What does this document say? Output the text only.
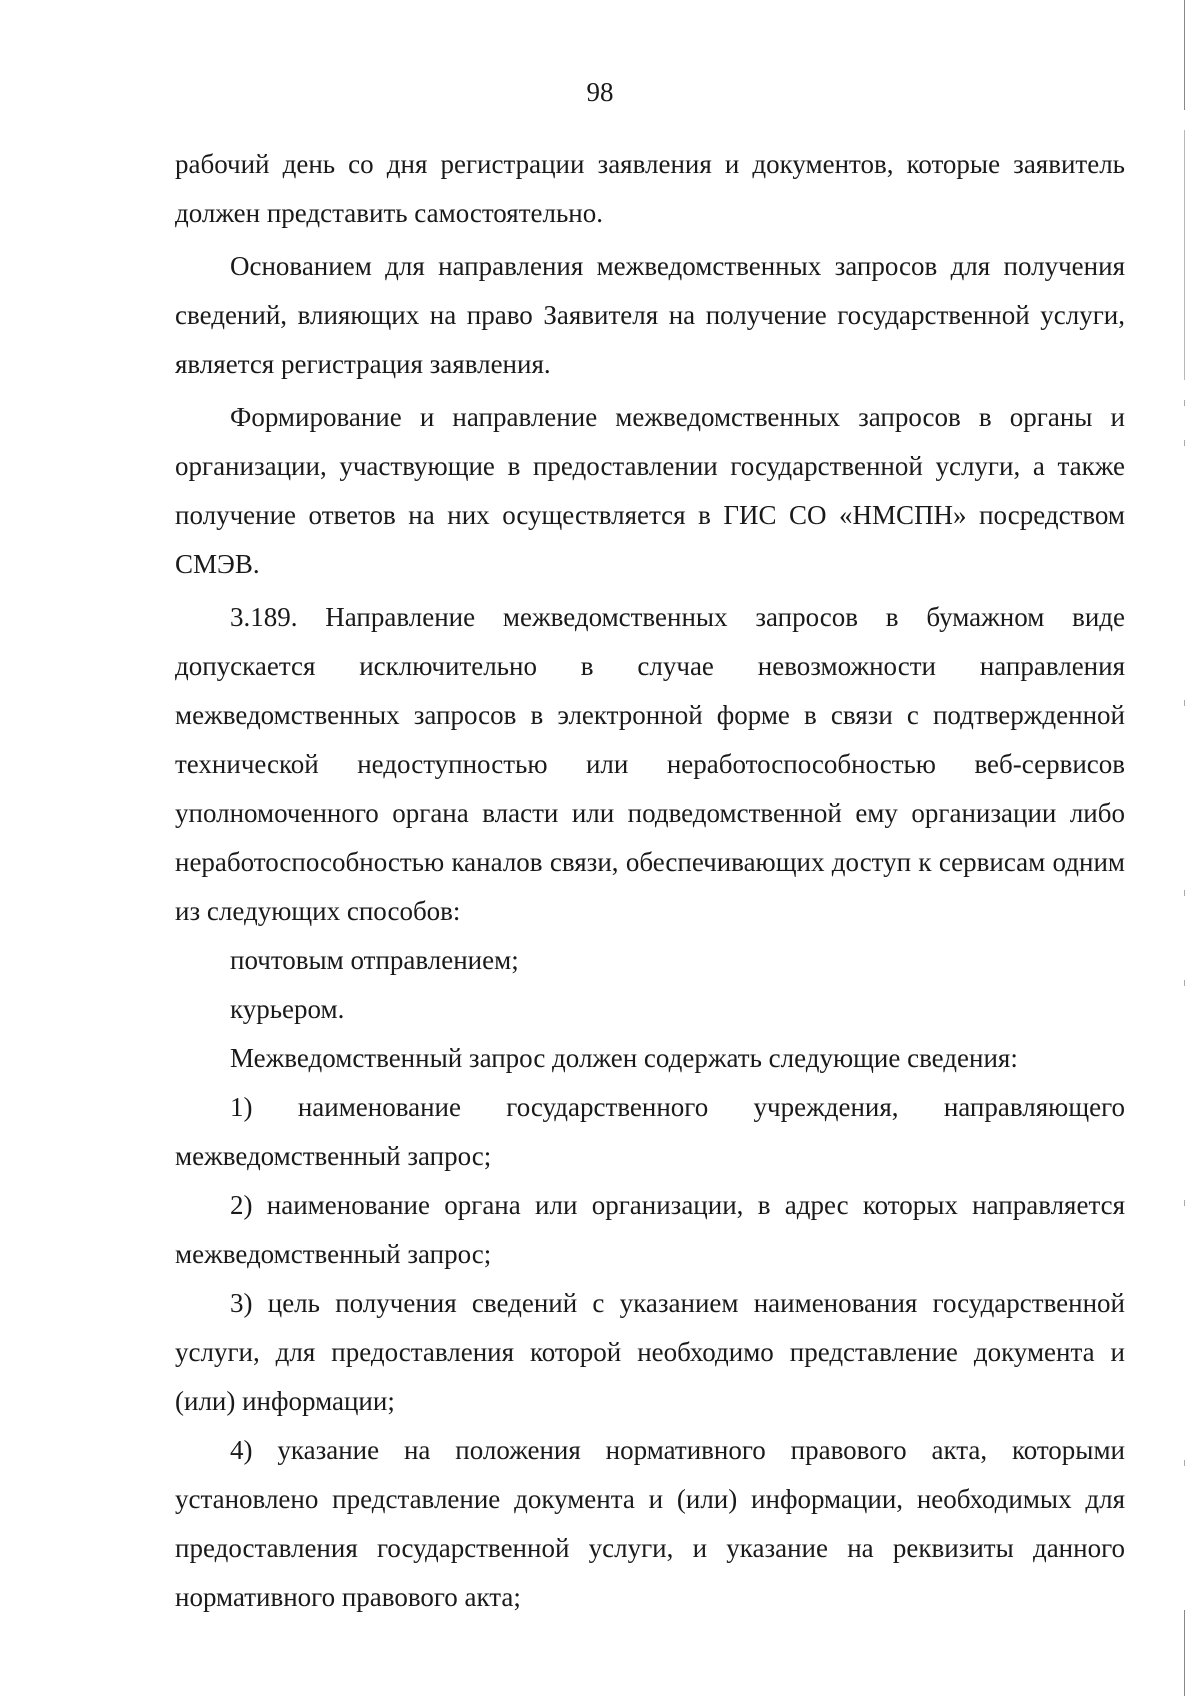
98

рабочий день со дня регистрации заявления и документов, которые заявитель должен представить самостоятельно.

Основанием для направления межведомственных запросов для получения сведений, влияющих на право Заявителя на получение государственной услуги, является регистрация заявления.

Формирование и направление межведомственных запросов в органы и организации, участвующие в предоставлении государственной услуги, а также получение ответов на них осуществляется в ГИС СО «НМСПН» посредством СМЭВ.

3.189. Направление межведомственных запросов в бумажном виде допускается исключительно в случае невозможности направления межведомственных запросов в электронной форме в связи с подтвержденной технической недоступностью или неработоспособностью веб-сервисов уполномоченного органа власти или подведомственной ему организации либо неработоспособностью каналов связи, обеспечивающих доступ к сервисам одним из следующих способов:

почтовым отправлением;

курьером.

Межведомственный запрос должен содержать следующие сведения:

1) наименование государственного учреждения, направляющего межведомственный запрос;

2) наименование органа или организации, в адрес которых направляется межведомственный запрос;

3) цель получения сведений с указанием наименования государственной услуги, для предоставления которой необходимо представление документа и (или) информации;

4) указание на положения нормативного правового акта, которыми установлено представление документа и (или) информации, необходимых для предоставления государственной услуги, и указание на реквизиты данного нормативного правового акта;
